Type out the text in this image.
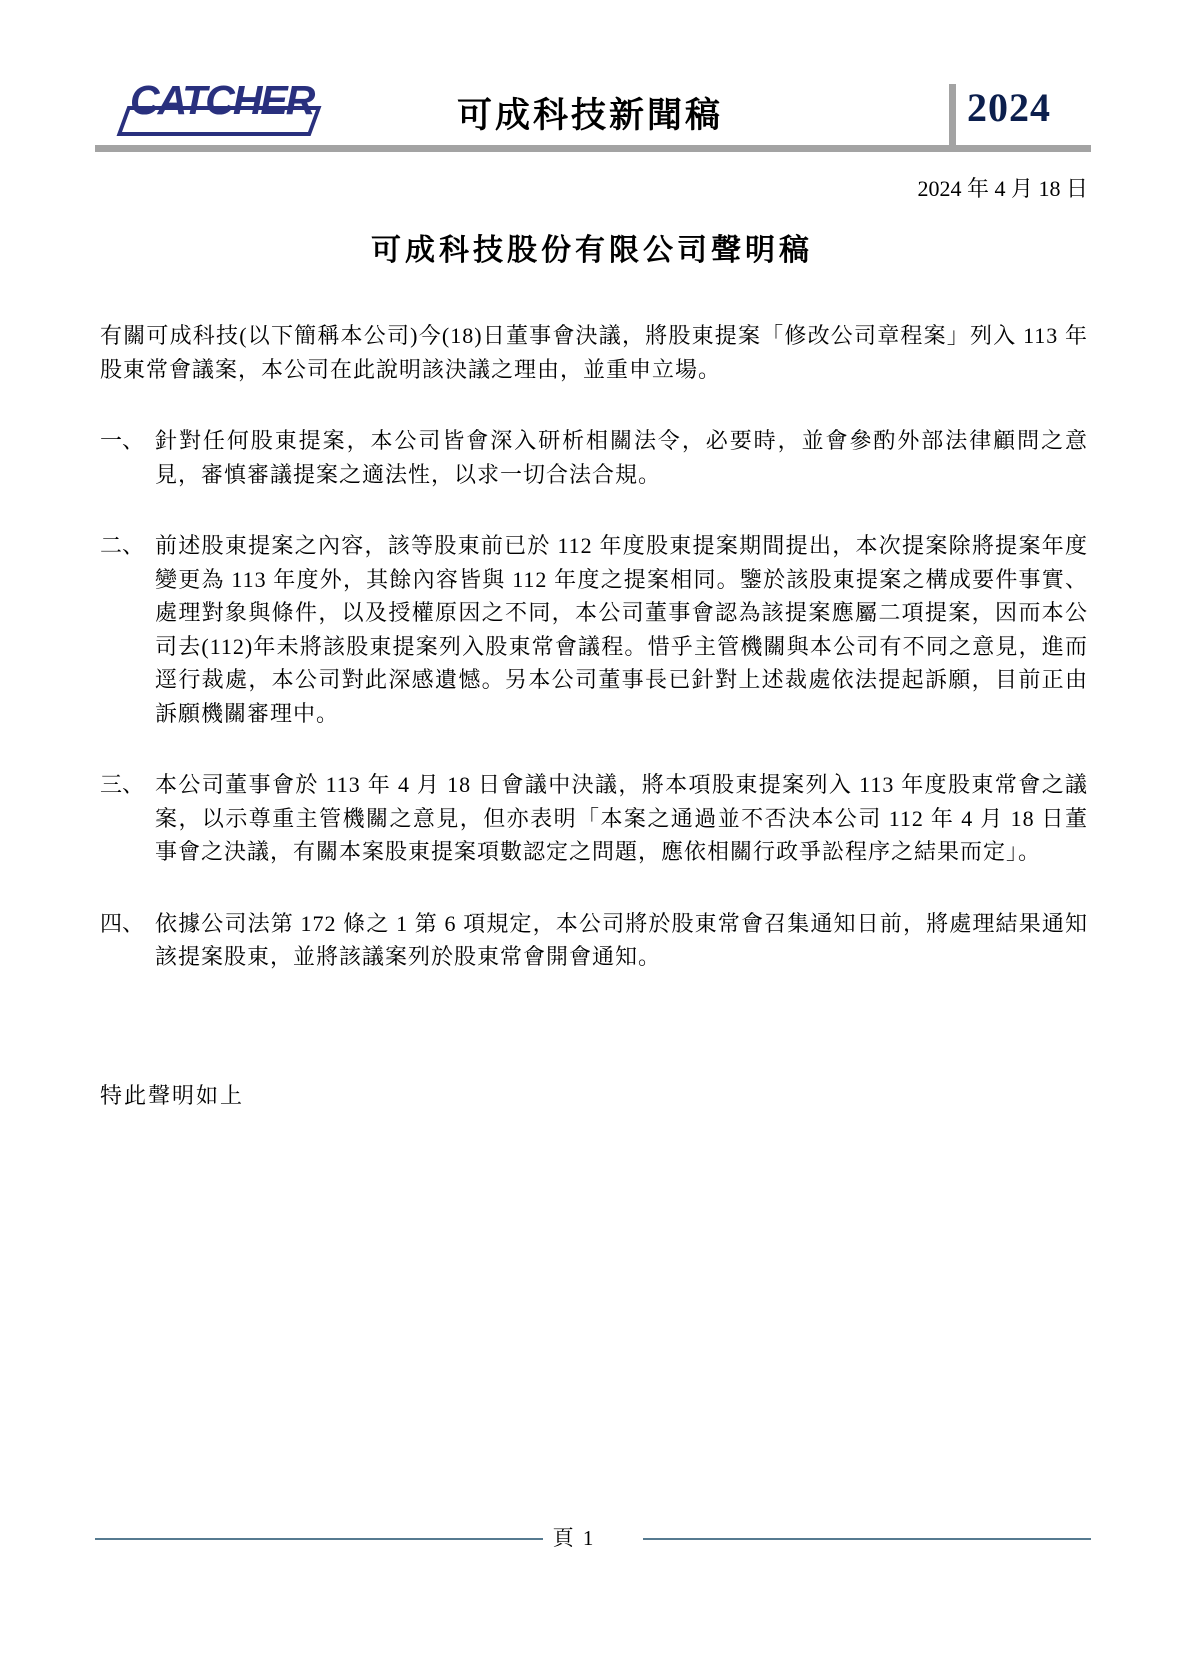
CATCHER	可成科技新聞稿	2024
2024 年 4 月 18 日
可成科技股份有限公司聲明稿

有關可成科技(以下簡稱本公司)今(18)日董事會決議，將股東提案「修改公司章程案」列入 113 年股東常會議案，本公司在此說明該決議之理由，並重申立場。

一、 針對任何股東提案，本公司皆會深入研析相關法令，必要時，並會參酌外部法律顧問之意見，審慎審議提案之適法性，以求一切合法合規。
二、 前述股東提案之內容，該等股東前已於 112 年度股東提案期間提出，本次提案除將提案年度變更為 113 年度外，其餘內容皆與 112 年度之提案相同。鑒於該股東提案之構成要件事實、處理對象與條件，以及授權原因之不同，本公司董事會認為該提案應屬二項提案，因而本公司去(112)年未將該股東提案列入股東常會議程。惜乎主管機關與本公司有不同之意見，進而逕行裁處，本公司對此深感遺憾。另本公司董事長已針對上述裁處依法提起訴願，目前正由訴願機關審理中。
三、 本公司董事會於 113 年 4 月 18 日會議中決議，將本項股東提案列入 113 年度股東常會之議案，以示尊重主管機關之意見，但亦表明「本案之通過並不否決本公司 112 年 4 月 18 日董事會之決議，有關本案股東提案項數認定之問題，應依相關行政爭訟程序之結果而定」。
四、 依據公司法第 172 條之 1 第 6 項規定，本公司將於股東常會召集通知日前，將處理結果通知該提案股東，並將該議案列於股東常會開會通知。
特此聲明如上
頁 1
